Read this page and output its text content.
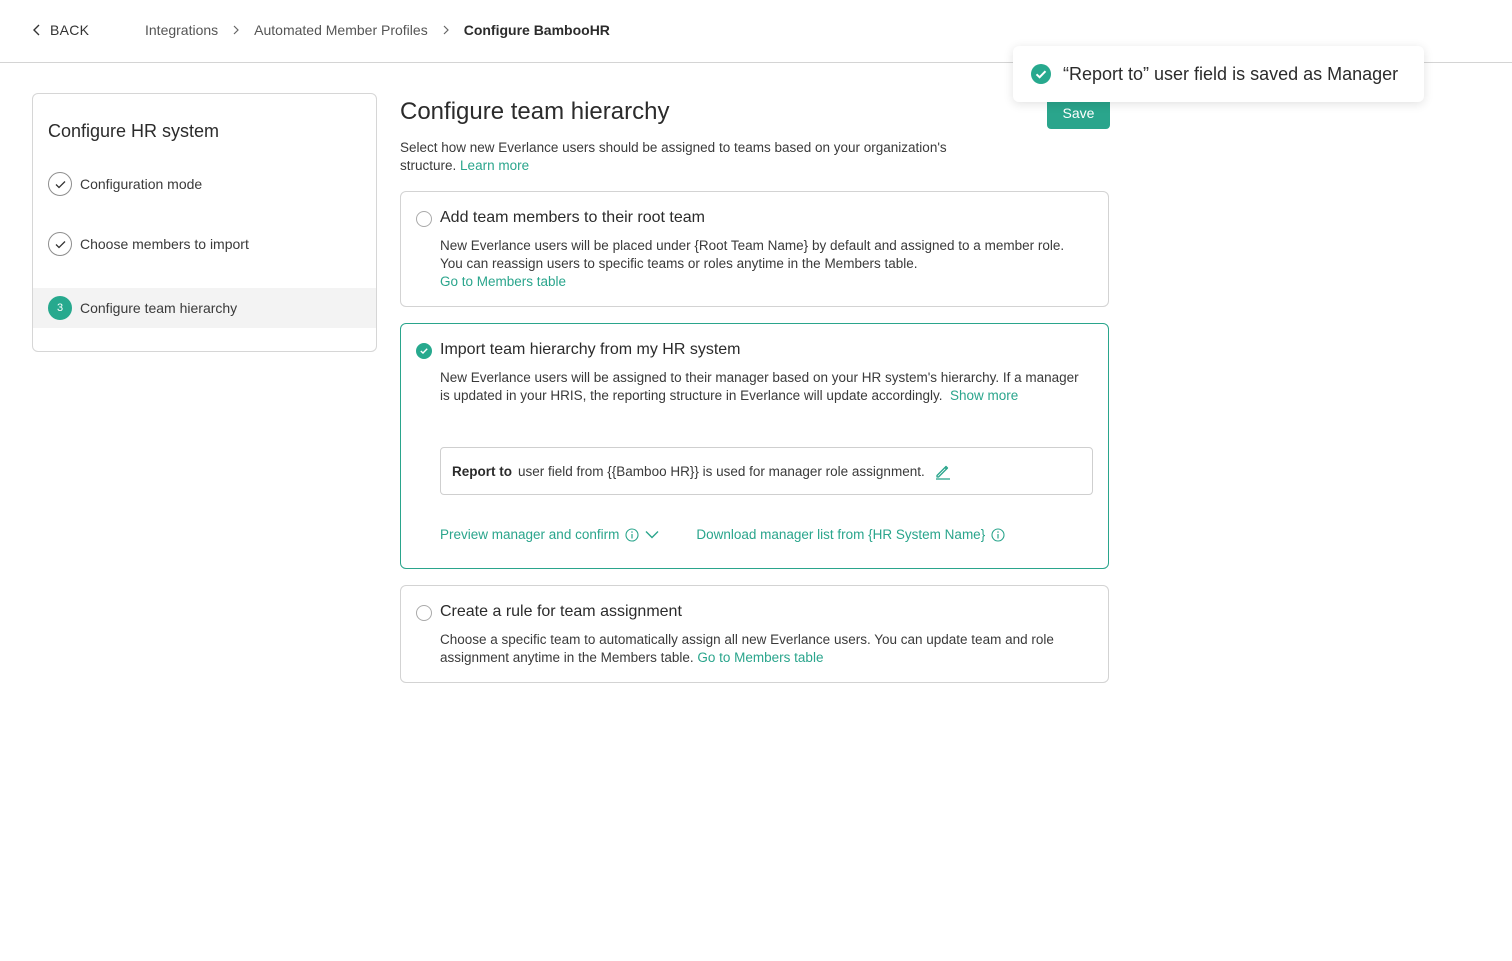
BACK	Integrations	Automated Member Profiles	Configure BambooHR
“Report to” user field is saved as Manager
Configure HR system
Configuration mode
Choose members to import
3	Configure team hierarchy
Configure team hierarchy	Save
Select how new Everlance users should be assigned to teams based on your organization's structure. Learn more
Add team members to their root team
New Everlance users will be placed under {Root Team Name} by default and assigned to a member role. You can reassign users to specific teams or roles anytime in the Members table.
Go to Members table
Import team hierarchy from my HR system
New Everlance users will be assigned to their manager based on your HR system's hierarchy. If a manager is updated in your HRIS, the reporting structure in Everlance will update accordingly. Show more
Report to user field from {{Bamboo HR}} is used for manager role assignment.
Preview manager and confirm	Download manager list from {HR System Name}
Create a rule for team assignment
Choose a specific team to automatically assign all new Everlance users. You can update team and role assignment anytime in the Members table. Go to Members table
